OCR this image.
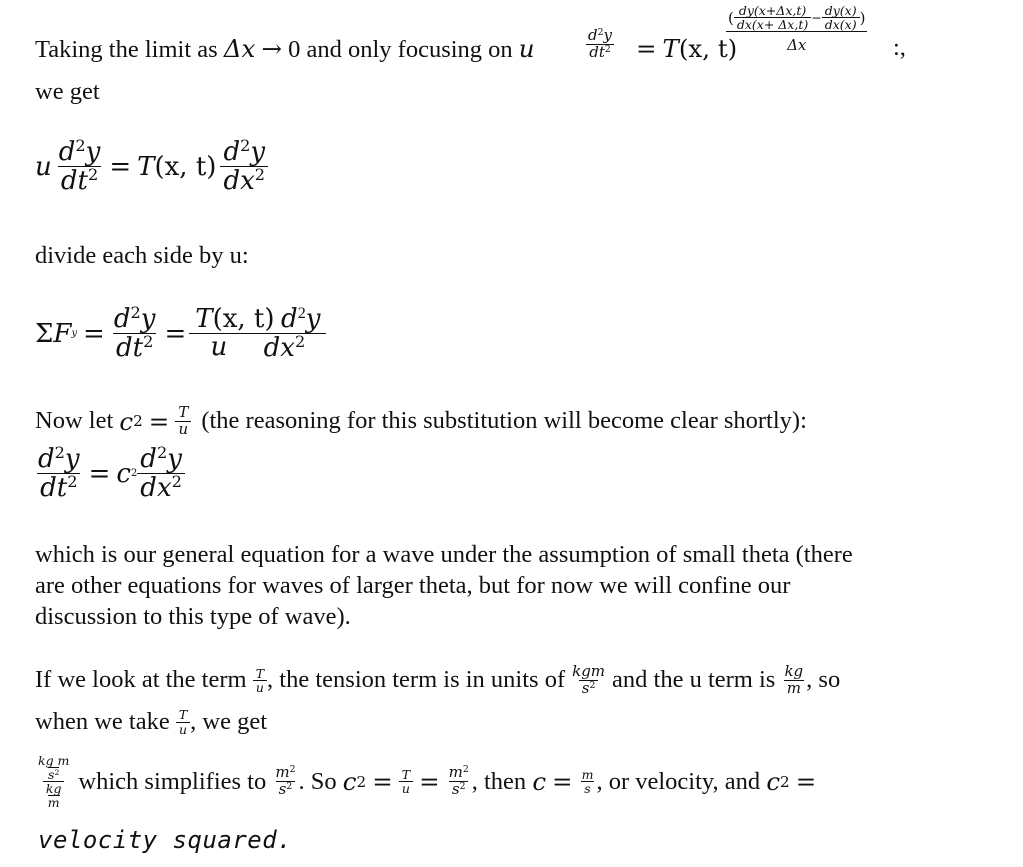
Taking the limit as Δx → 0 and only focusing on u	$\frac{d^2y}{dt^2} = T(x$, t)
( $\frac{dy(x+\Delta x,t)}{dx(x+ \Delta x,t)} - \frac{dy(x)}{dx(x)}$ )
Δx	:,
we get
u $\frac{d^2y}{dt^2} = T$ (x, $t) \frac{d^2y}{dx^2}$
divide each side by u:
Σ F $y = \frac{d^2y}{dt^2} = \frac{T(x, t) d^2y}{u dx^2}$
Now let
c $2 = \frac{T}{u} (the$ reasoning for this substitution will become clear shortly):
$\frac{d^2y}{dt^2} = c$ $2 \frac{d^2y}{dx^2}$
which is our general equation for a wave under the assumption of small theta (there
are other equations for waves of larger theta, but for now we will confine our
discussion to this type of wave).
If we look at the term
$\frac{T}{u}$ , the tension term is in units of $\frac{\text{kgm}}{s^2}$ and the u term is
$\frac{kg}{m}$ , so
when we take
$\frac{T}{u}$ , we get
kg m
$s^2$
kg
m which simplifies to
$\frac{m^2}{s^2}$ . So
c $2 = \frac{T}{u} = \frac{m^2}{s^2}$ , then
$c = \frac{m}{s}$ , or velocity, and
c 2 =
velocity squared.
